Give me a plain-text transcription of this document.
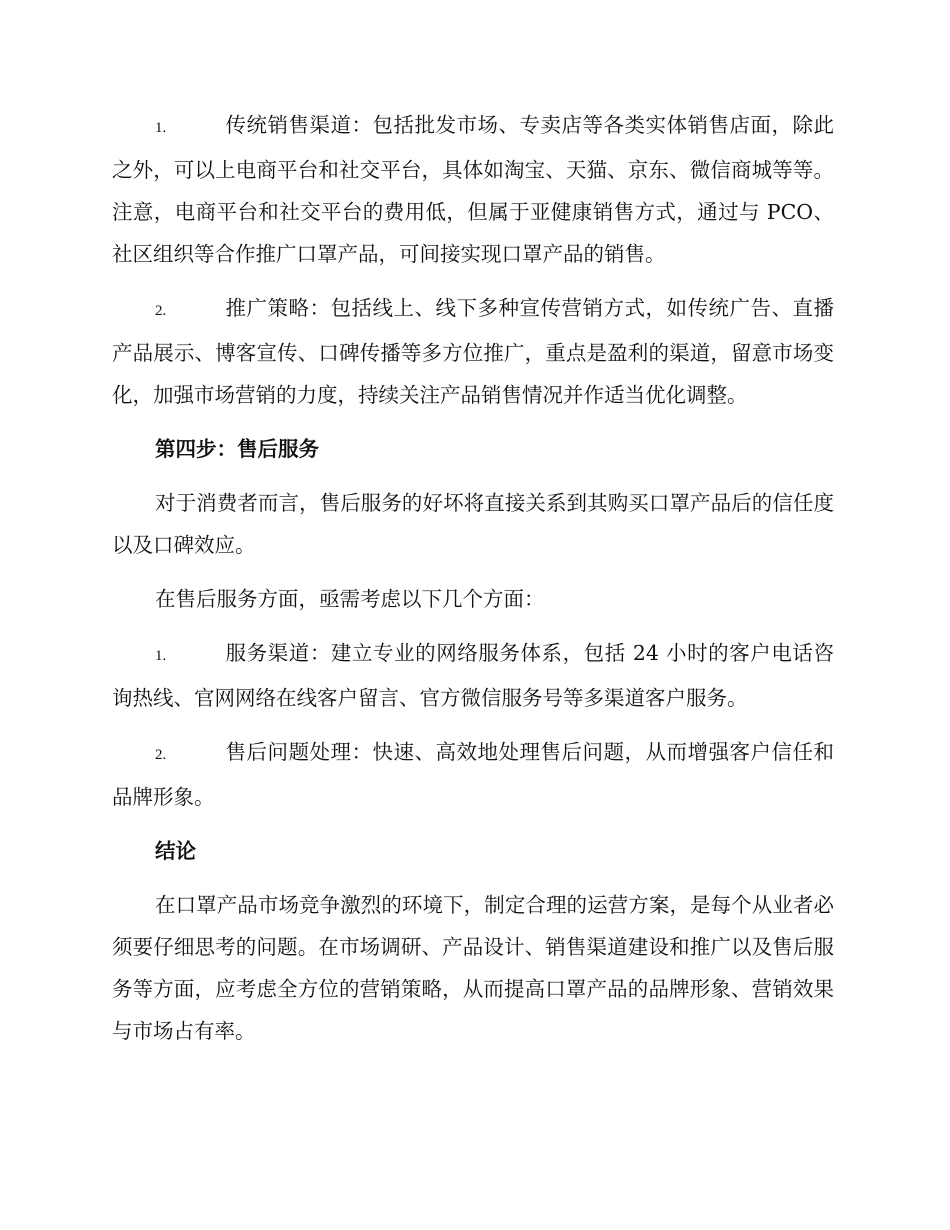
1.	传统销售渠道：包括批发市场、专卖店等各类实体销售店面，除此之外，可以上电商平台和社交平台，具体如淘宝、天猫、京东、微信商城等等。注意，电商平台和社交平台的费用低，但属于亚健康销售方式，通过与 PCO、社区组织等合作推广口罩产品，可间接实现口罩产品的销售。

2.	推广策略：包括线上、线下多种宣传营销方式，如传统广告、直播产品展示、博客宣传、口碑传播等多方位推广，重点是盈利的渠道，留意市场变化，加强市场营销的力度，持续关注产品销售情况并作适当优化调整。

第四步：售后服务

对于消费者而言，售后服务的好坏将直接关系到其购买口罩产品后的信任度以及口碑效应。

在售后服务方面，亟需考虑以下几个方面：

1.	服务渠道：建立专业的网络服务体系，包括 24 小时的客户电话咨询热线、官网网络在线客户留言、官方微信服务号等多渠道客户服务。

2.	售后问题处理：快速、高效地处理售后问题，从而增强客户信任和品牌形象。

结论

在口罩产品市场竞争激烈的环境下，制定合理的运营方案，是每个从业者必须要仔细思考的问题。在市场调研、产品设计、销售渠道建设和推广以及售后服务等方面，应考虑全方位的营销策略，从而提高口罩产品的品牌形象、营销效果与市场占有率。
